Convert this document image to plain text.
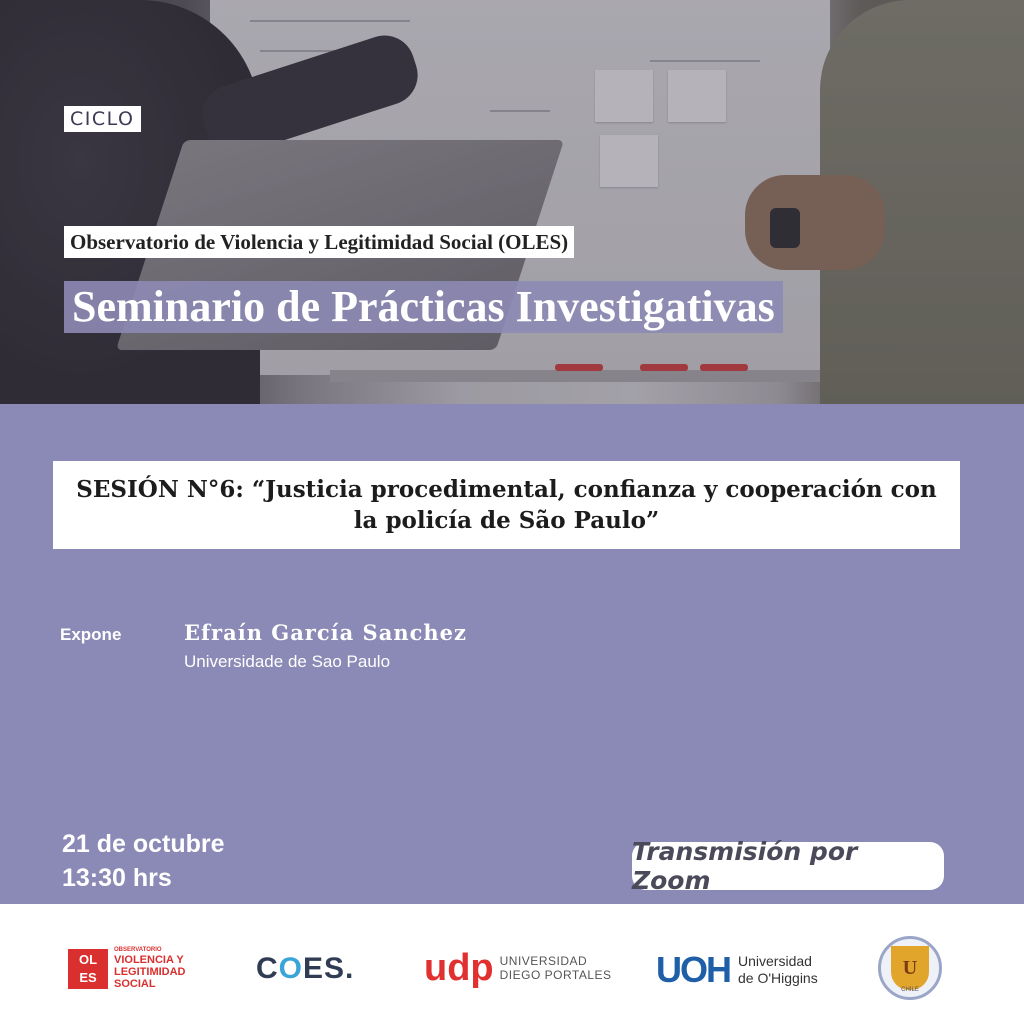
CICLO
Observatorio de Violencia y Legitimidad Social (OLES)
Seminario de Prácticas Investigativas
SESIÓN N°6: “Justicia procedimental, confianza y cooperación con la policía de São Paulo”
Expone	Efraín García Sanchez
Universidade de Sao Paulo
21 de octubre
13:30 hrs
Transmisión por Zoom
OL
ES
OBSERVATORIO
VIOLENCIA Y
LEGITIMIDAD
SOCIAL	COES. udp UNIVERSIDAD
DIEGO PORTALES UOH Universidad
de O'Higgins	U
CHILE
